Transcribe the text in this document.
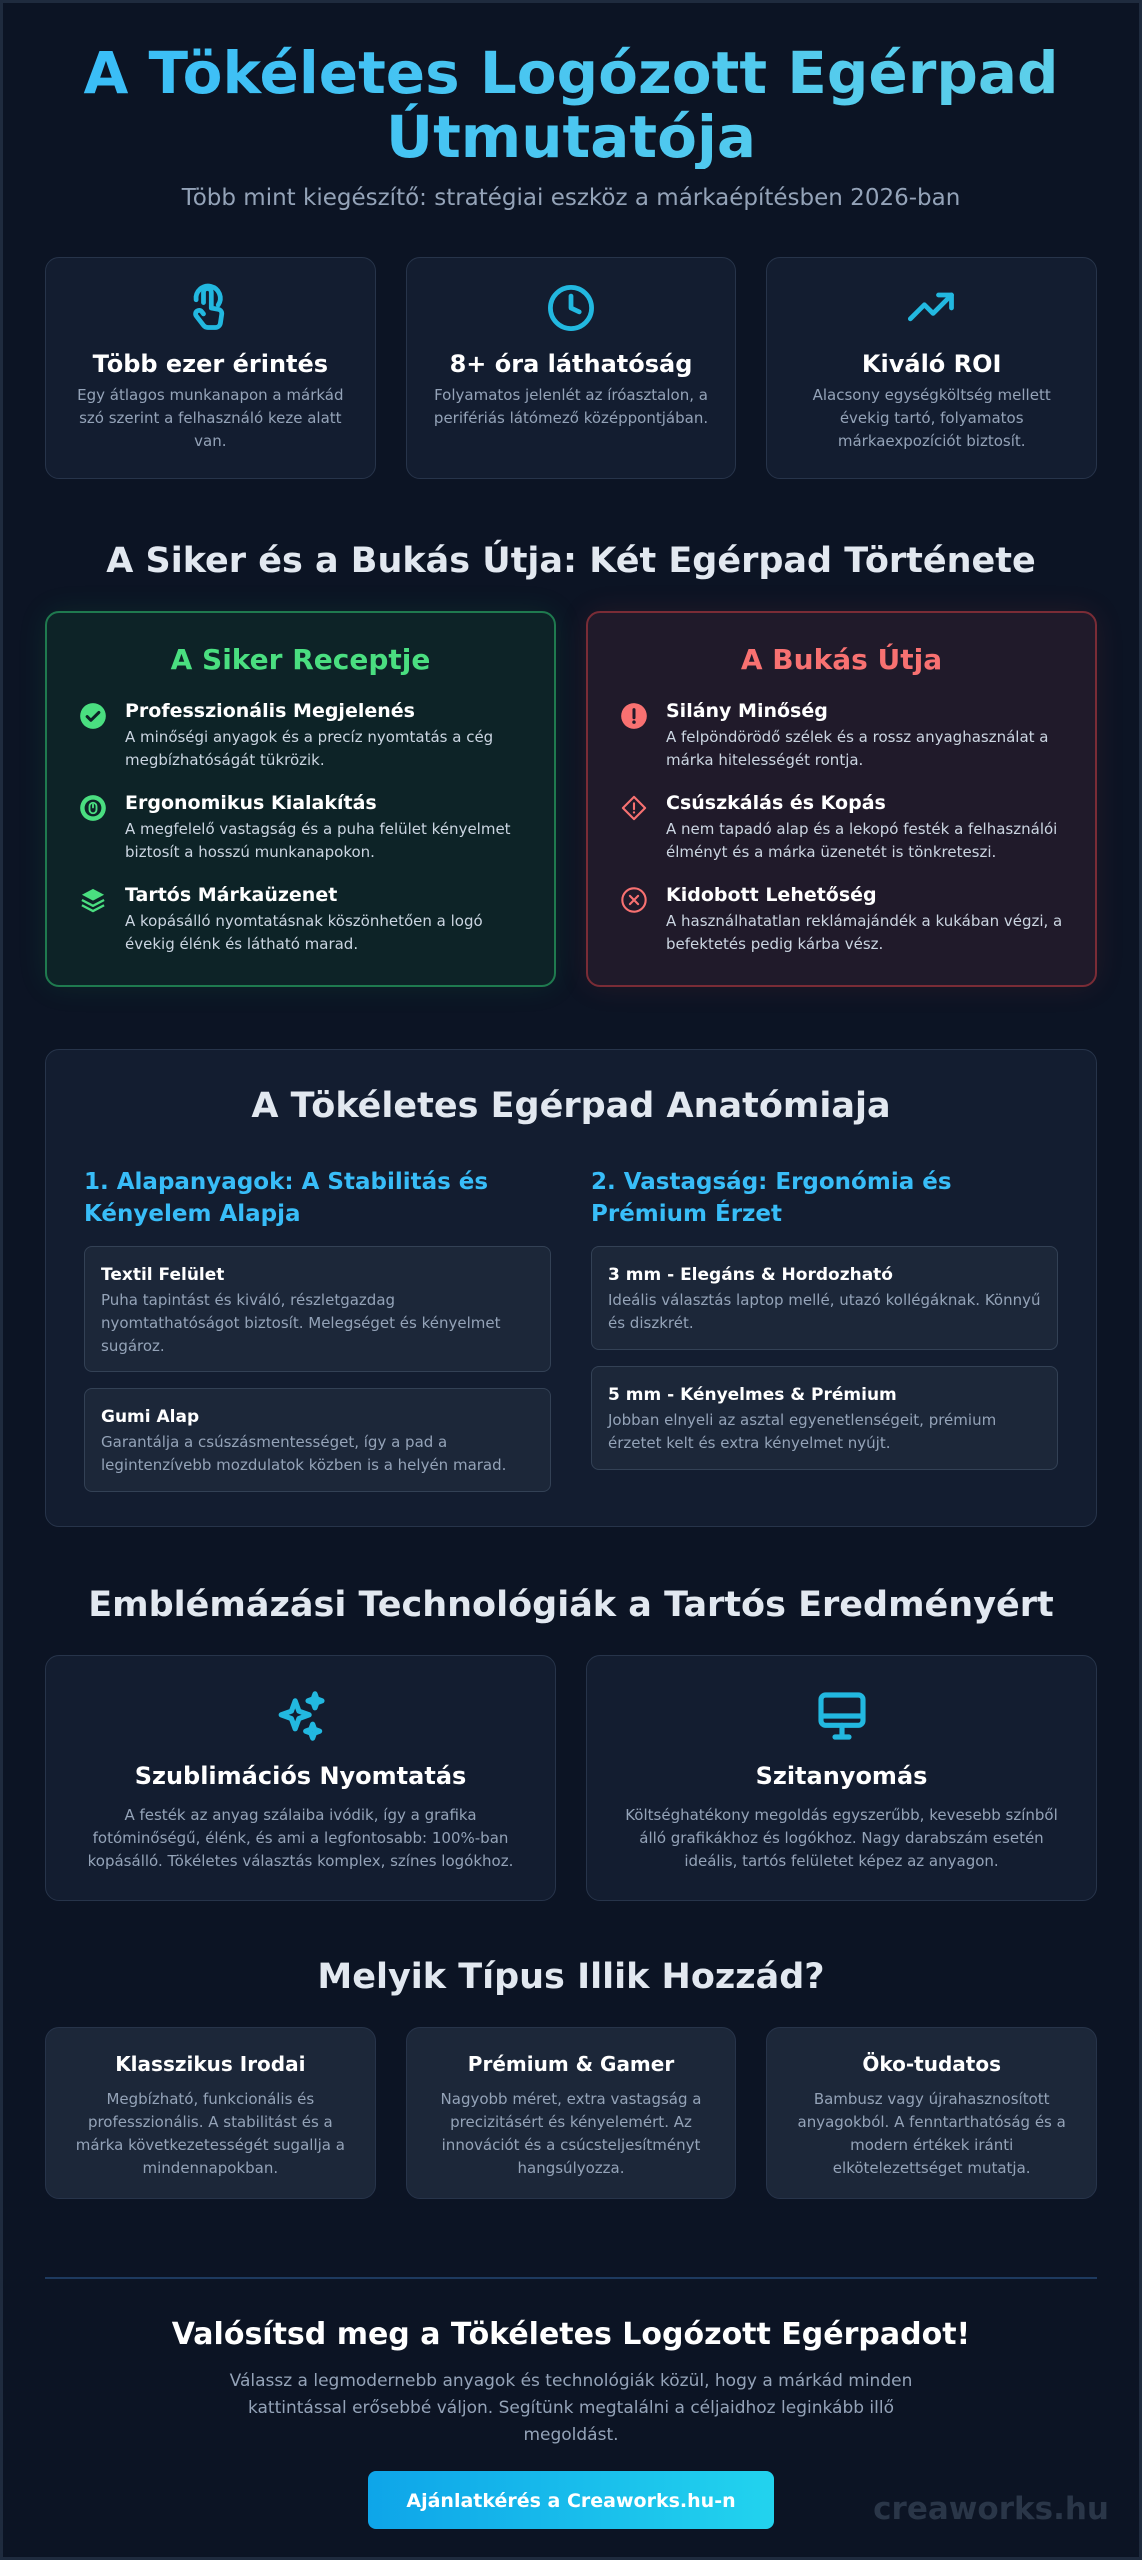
A Tökéletes Logózott Egérpad
Útmutatója

Több mint kiegészítő: stratégiai eszköz a márkaépítésben 2026-ban

Több ezer érintés

Egy átlagos munkanapon a márkád szó szerint a felhasználó keze alatt van.

8+ óra láthatóság

Folyamatos jelenlét az íróasztalon, a perifériás látómező középpontjában.

Kiváló ROI

Alacsony egységköltség mellett évekig tartó, folyamatos márkaexpozíciót biztosít.

A Siker és a Bukás Útja: Két Egérpad Története
A Siker Receptje
Professzionális Megjelenés

A minőségi anyagok és a precíz nyomtatás a cég megbízhatóságát tükrözik.

Ergonomikus Kialakítás

A megfelelő vastagság és a puha felület kényelmet biztosít a hosszú munkanapokon.

Tartós Márkaüzenet

A kopásálló nyomtatásnak köszönhetően a logó évekig élénk és látható marad.

A Bukás Útja
Silány Minőség

A felpöndörödő szélek és a rossz anyaghasználat a márka hitelességét rontja.

Csúszkálás és Kopás

A nem tapadó alap és a lekopó festék a felhasználói élményt és a márka üzenetét is tönkreteszi.

Kidobott Lehetőség

A használhatatlan reklámajándék a kukában végzi, a befektetés pedig kárba vész.

A Tökéletes Egérpad Anatómiaja
1. Alapanyagok: A Stabilitás és Kényelem Alapja
Textil Felület

Puha tapintást és kiváló, részletgazdag nyomtathatóságot biztosít. Melegséget és kényelmet sugároz.

Gumi Alap

Garantálja a csúszásmentességet, így a pad a legintenzívebb mozdulatok közben is a helyén marad.

2. Vastagság: Ergonómia és Prémium Érzet
3 mm - Elegáns & Hordozható

Ideális választás laptop mellé, utazó kollégáknak. Könnyű és diszkrét.

5 mm - Kényelmes & Prémium

Jobban elnyeli az asztal egyenetlenségeit, prémium érzetet kelt és extra kényelmet nyújt.

Emblémázási Technológiák a Tartós Eredményért
Szublimációs Nyomtatás

A festék az anyag szálaiba ivódik, így a grafika fotóminőségű, élénk, és ami a legfontosabb: 100%-ban kopásálló. Tökéletes választás komplex, színes logókhoz.

Szitanyomás

Költséghatékony megoldás egyszerűbb, kevesebb színből álló grafikákhoz és logókhoz. Nagy darabszám esetén ideális, tartós felületet képez az anyagon.

Melyik Típus Illik Hozzád?
Klasszikus Irodai

Megbízható, funkcionális és professzionális. A stabilitást és a márka következetességét sugallja a mindennapokban.

Prémium & Gamer

Nagyobb méret, extra vastagság a precizitásért és kényelemért. Az innovációt és a csúcsteljesítményt hangsúlyozza.

Öko-tudatos

Bambusz vagy újrahasznosított anyagokból. A fenntarthatóság és a modern értékek iránti elkötelezettséget mutatja.

Valósítsd meg a Tökéletes Logózott Egérpadot!

Válassz a legmodernebb anyagok és technológiák közül, hogy a márkád minden kattintással erősebbé váljon. Segítünk megtalálni a céljaidhoz leginkább illő megoldást.

Ajánlatkérés a Creaworks.hu-n	creaworks.hu
